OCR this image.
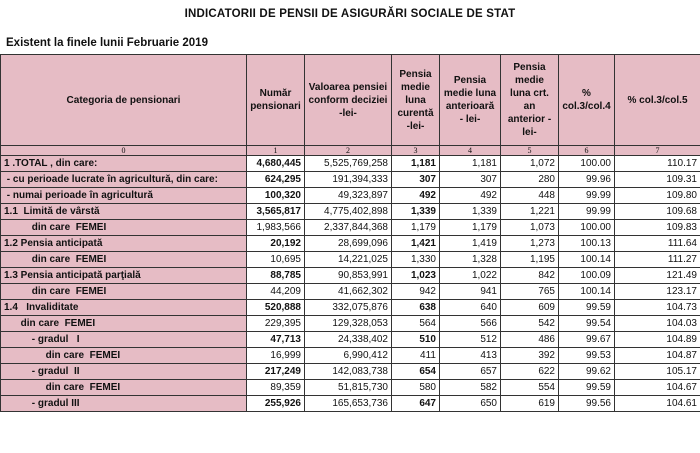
INDICATORII DE PENSII DE ASIGURĂRI SOCIALE DE STAT
Existent la finele lunii Februarie 2019
Categoria de pensionari	Număr pensionari	Valoarea pensiei conform deciziei -lei-	Pensia medie luna curentă -lei-	Pensia medie luna anterioară - lei-	Pensia medie luna crt. an anterior -lei-	% col.3/col.4	% col.3/col.5
0	1	2	3	4	5	6	7
1 .TOTAL , din care:	4,680,445	5,525,769,258	1,181	1,181	1,072	100.00	110.17
- cu perioade lucrate în agricultură, din care:	624,295	191,394,333	307	307	280	99.96	109.31
- numai perioade în agricultură	100,320	49,323,897	492	492	448	99.99	109.80
1.1  Limită de vârstă	3,565,817	4,775,402,898	1,339	1,339	1,221	99.99	109.68
din care  FEMEI	1,983,566	2,337,844,368	1,179	1,179	1,073	100.00	109.83
1.2 Pensia anticipată	20,192	28,699,096	1,421	1,419	1,273	100.13	111.64
din care  FEMEI	10,695	14,221,025	1,330	1,328	1,195	100.14	111.27
1.3 Pensia anticipată parţială	88,785	90,853,991	1,023	1,022	842	100.09	121.49
din care  FEMEI	44,209	41,662,302	942	941	765	100.14	123.17
1.4   Invaliditate	520,888	332,075,876	638	640	609	99.59	104.73
din care  FEMEI	229,395	129,328,053	564	566	542	99.54	104.03
- gradul   I	47,713	24,338,402	510	512	486	99.67	104.89
din care  FEMEI	16,999	6,990,412	411	413	392	99.53	104.87
- gradul  II	217,249	142,083,738	654	657	622	99.62	105.17
din care  FEMEI	89,359	51,815,730	580	582	554	99.59	104.67
- gradul III	255,926	165,653,736	647	650	619	99.56	104.61
